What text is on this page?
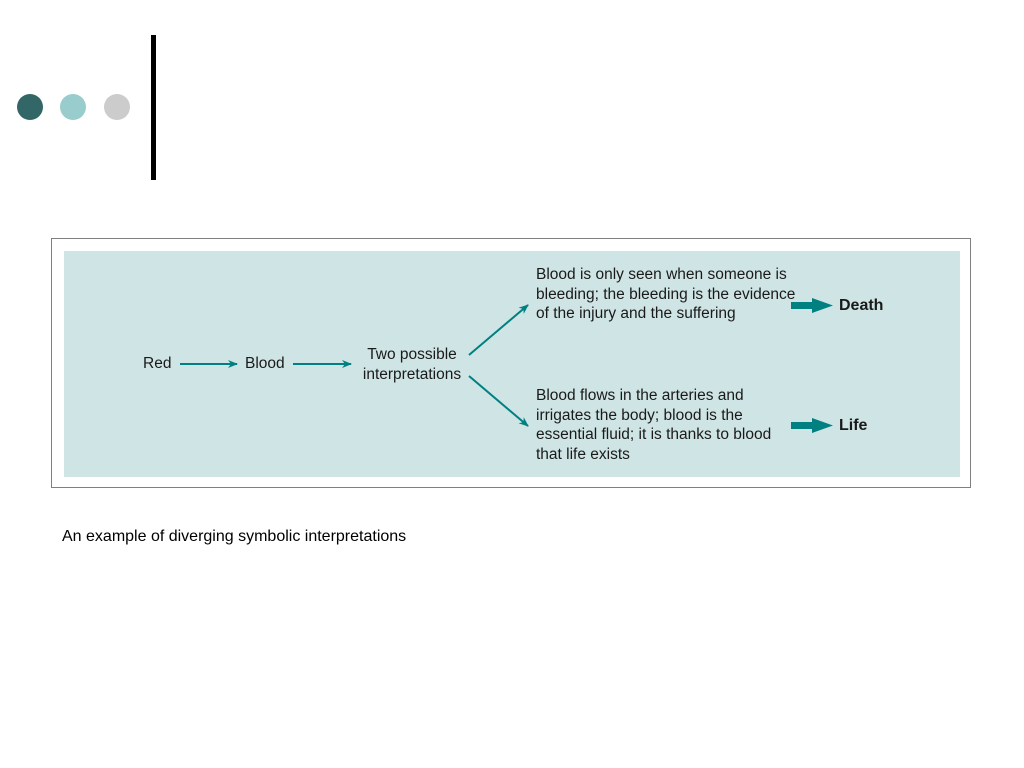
Red	Blood
Two possible interpretations
Blood is only seen when someone is bleeding; the bleeding is the evidence of the injury and the suffering
Blood flows in the arteries and irrigates the body; blood is the essential fluid; it is thanks to blood that life exists
Death
Life
An example of diverging symbolic interpretations
